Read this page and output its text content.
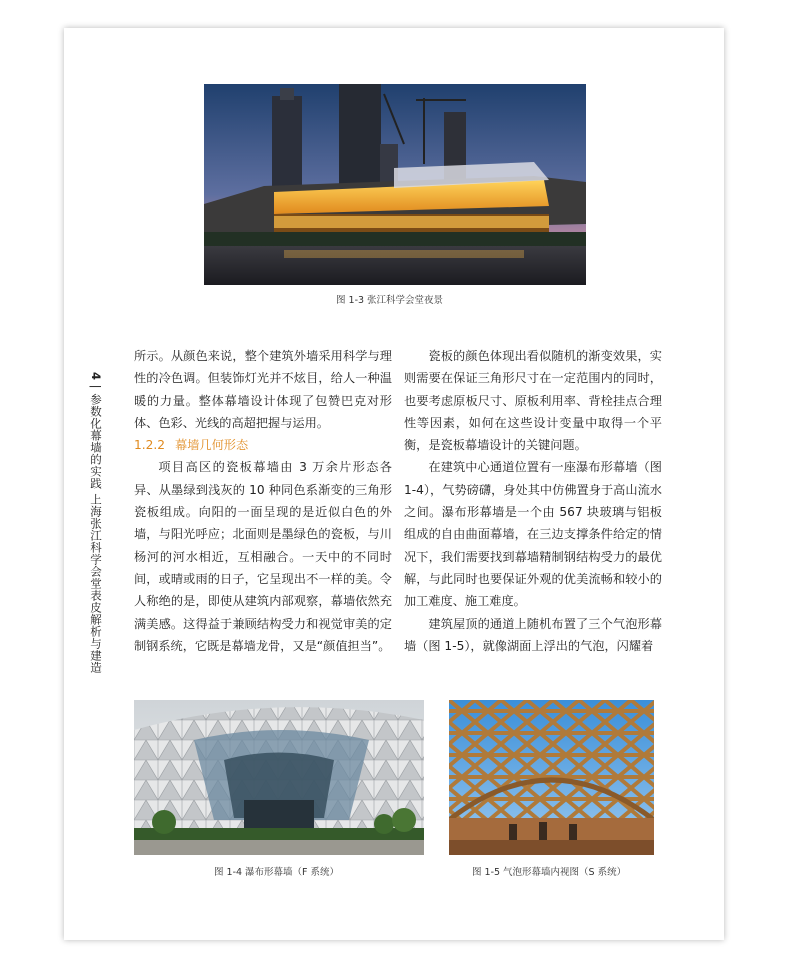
图 1-3 张江科学会堂夜景
4 | 参数化幕墙的实践 上海张江科学会堂表皮解析与建造

所示。从颜色来说，整个建筑外墙采用科学与理性的冷色调。但装饰灯光并不炫目，给人一种温暖的力量。整体幕墙设计体现了包赞巴克对形体、色彩、光线的高超把握与运用。

1.2.2 幕墙几何形态

项目高区的瓷板幕墙由 3 万余片形态各异、从墨绿到浅灰的 10 种同色系渐变的三角形瓷板组成。向阳的一面呈现的是近似白色的外墙，与阳光呼应；北面则是墨绿色的瓷板，与川杨河的河水相近，互相融合。一天中的不同时间，或晴或雨的日子，它呈现出不一样的美。令人称绝的是，即使从建筑内部观察，幕墙依然充满美感。这得益于兼顾结构受力和视觉审美的定制钢系统，它既是幕墙龙骨，又是“颜值担当”。

瓷板的颜色体现出看似随机的渐变效果，实则需要在保证三角形尺寸在一定范围内的同时，也要考虑原板尺寸、原板利用率、背栓挂点合理性等因素，如何在这些设计变量中取得一个平衡，是瓷板幕墙设计的关键问题。

在建筑中心通道位置有一座瀑布形幕墙（图 1-4），气势磅礴，身处其中仿佛置身于高山流水之间。瀑布形幕墙是一个由 567 块玻璃与铝板组成的自由曲面幕墙，在三边支撑条件给定的情况下，我们需要找到幕墙精制钢结构受力的最优解，与此同时也要保证外观的优美流畅和较小的加工难度、施工难度。

建筑屋顶的通道上随机布置了三个气泡形幕墙（图 1-5），就像湖面上浮出的气泡，闪耀着

图 1-4 瀑布形幕墙（F 系统）	图 1-5 气泡形幕墙内视图（S 系统）
